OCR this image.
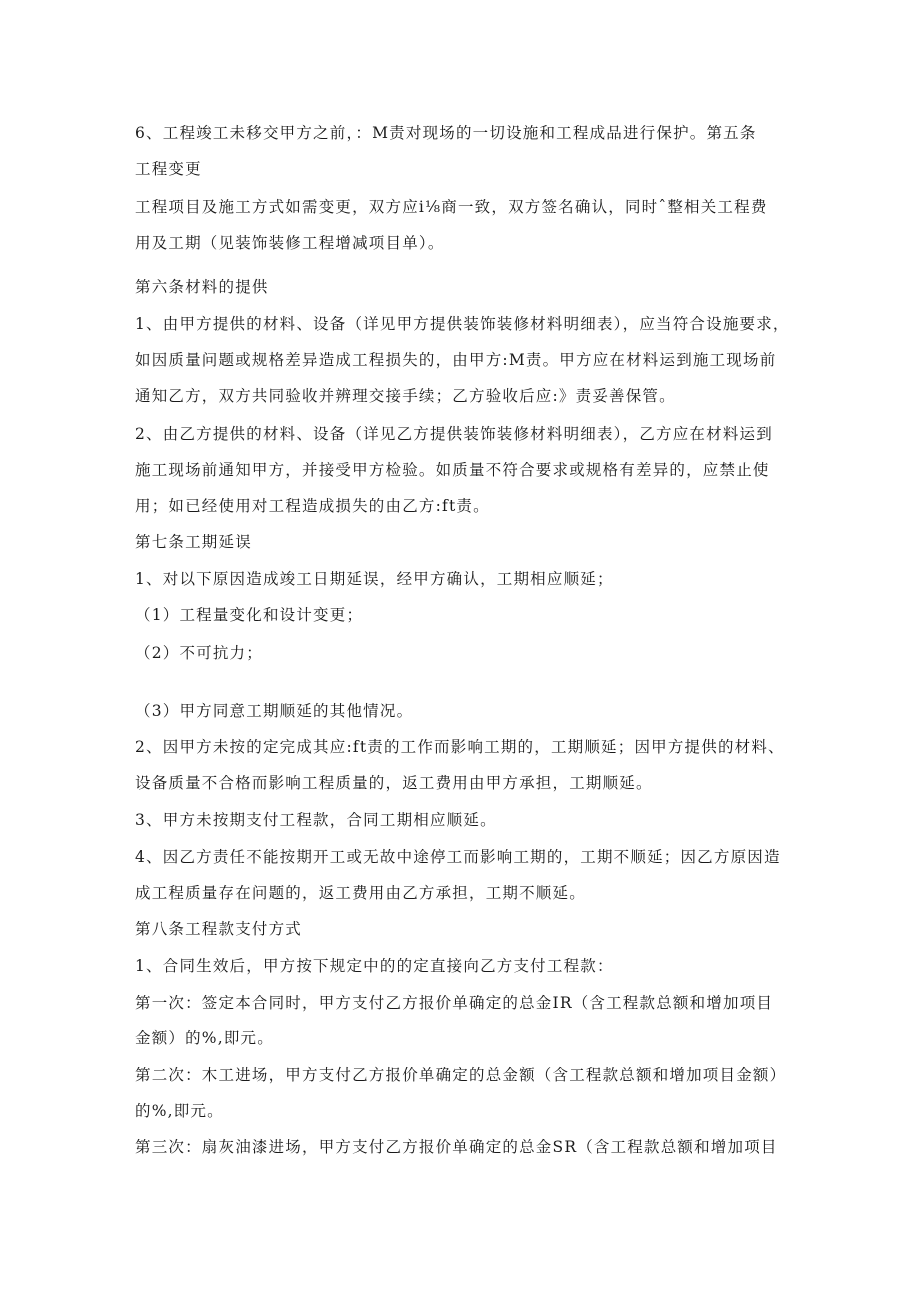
6、工程竣工未移交甲方之前，：M责对现场的一切设施和工程成品进行保护。第五条
工程变更
工程项目及施工方式如需变更，双方应i⅛商一致，双方签名确认，同时ˆ整相关工程费
用及工期（见装饰装修工程增减项目单）。
第六条材料的提供
1、由甲方提供的材料、设备（详见甲方提供装饰装修材料明细表），应当符合设施要求，
如因质量问题或规格差异造成工程损失的，由甲方:M责。甲方应在材料运到施工现场前
通知乙方，双方共同验收并辨理交接手续；乙方验收后应:》责妥善保管。
2、由乙方提供的材料、设备（详见乙方提供装饰装修材料明细表），乙方应在材料运到
施工现场前通知甲方，并接受甲方检验。如质量不符合要求或规格有差异的，应禁止使
用；如已经使用对工程造成损失的由乙方:ft责。
第七条工期延误
1、对以下原因造成竣工日期延误，经甲方确认，工期相应顺延；
（1）工程量变化和设计变更；
（2）不可抗力；
（3）甲方同意工期顺延的其他情况。
2、因甲方未按的定完成其应:ft责的工作而影响工期的，工期顺延；因甲方提供的材料、
设备质量不合格而影响工程质量的，返工费用由甲方承担，工期顺延。
3、甲方未按期支付工程款，合同工期相应顺延。
4、因乙方责任不能按期开工或无故中途停工而影响工期的，工期不顺延；因乙方原因造
成工程质量存在问题的，返工费用由乙方承担，工期不顺延。
第八条工程款支付方式
1、合同生效后，甲方按下规定中的的定直接向乙方支付工程款：
第一次：签定本合同时，甲方支付乙方报价单确定的总金IR（含工程款总额和增加项目
金额）的%,即元。
第二次：木工进场，甲方支付乙方报价单确定的总金额（含工程款总额和增加项目金额）
的%,即元。
第三次：扇灰油漆进场，甲方支付乙方报价单确定的总金SR（含工程款总额和增加项目
